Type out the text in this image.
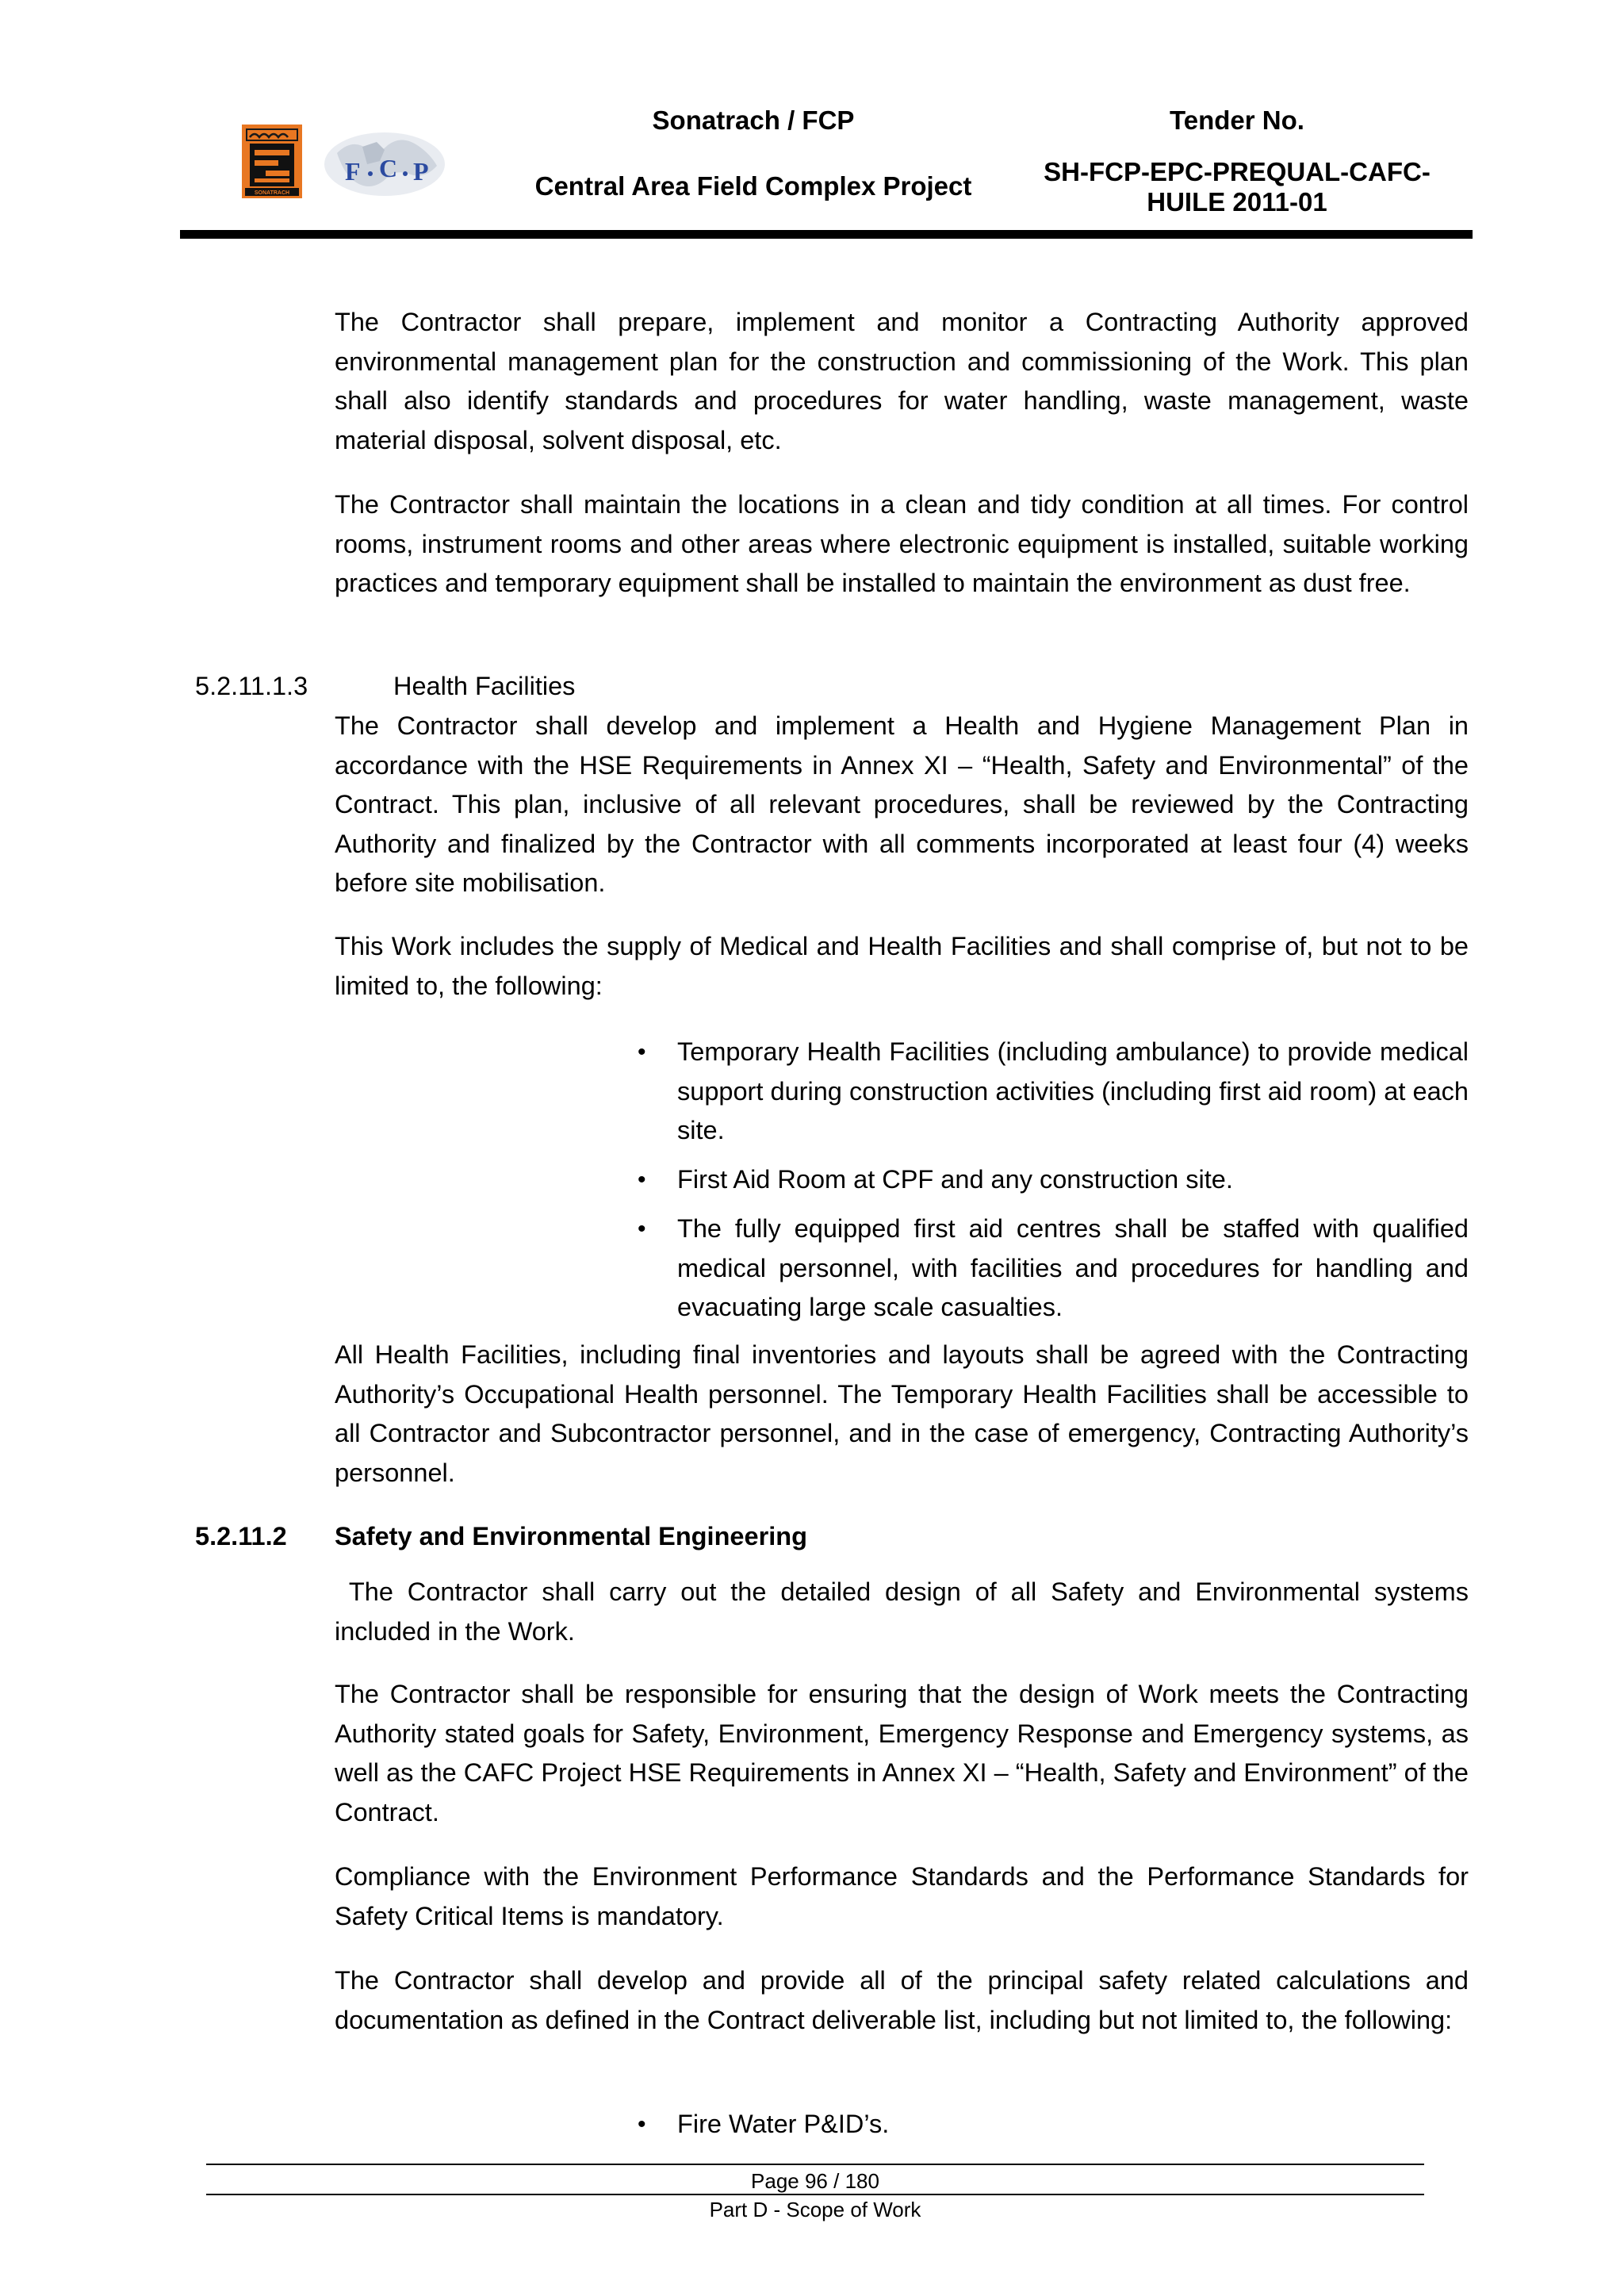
SONATRACH
F C P
Sonatrach / FCP
Central Area Field Complex Project
Tender No.
SH-FCP-EPC-PREQUAL-CAFC-
HUILE 2011-01
The Contractor shall prepare, implement and monitor a Contracting Authority approved environmental management plan for the construction and commissioning of the Work. This plan shall also identify standards and procedures for water handling, waste management, waste material disposal, solvent disposal, etc.
The Contractor shall maintain the locations in a clean and tidy condition at all times. For control rooms, instrument rooms and other areas where electronic equipment is installed, suitable working practices and temporary equipment shall be installed to maintain the environment as dust free.
5.2.11.1.3	Health Facilities
The Contractor shall develop and implement a Health and Hygiene Management Plan in accordance with the HSE Requirements in Annex XI – “Health, Safety and Environmental” of the Contract. This plan, inclusive of all relevant procedures, shall be reviewed by the Contracting Authority and finalized by the Contractor with all comments incorporated at least four (4) weeks before site mobilisation.
This Work includes the supply of Medical and Health Facilities and shall comprise of, but not to be limited to, the following:
• Temporary Health Facilities (including ambulance) to provide medical support during construction activities (including first aid room) at each site.
• First Aid Room at CPF and any construction site.
• The fully equipped first aid centres shall be staffed with qualified medical personnel, with facilities and procedures for handling and evacuating large scale casualties.
All Health Facilities, including final inventories and layouts shall be agreed with the Contracting Authority’s Occupational Health personnel. The Temporary Health Facilities shall be accessible to all Contractor and Subcontractor personnel, and in the case of emergency, Contracting Authority’s personnel.
5.2.11.2 Safety and Environmental Engineering
The Contractor shall carry out the detailed design of all Safety and Environmental systems included in the Work.
The Contractor shall be responsible for ensuring that the design of Work meets the Contracting Authority stated goals for Safety, Environment, Emergency Response and Emergency systems, as well as the CAFC Project HSE Requirements in Annex XI – “Health, Safety and Environment” of the Contract.
Compliance with the Environment Performance Standards and the Performance Standards for Safety Critical Items is mandatory.
The Contractor shall develop and provide all of the principal safety related calculations and documentation as defined in the Contract deliverable list, including but not limited to, the following:
• Fire Water P&ID’s.
Page 96 / 180
Part D - Scope of Work
